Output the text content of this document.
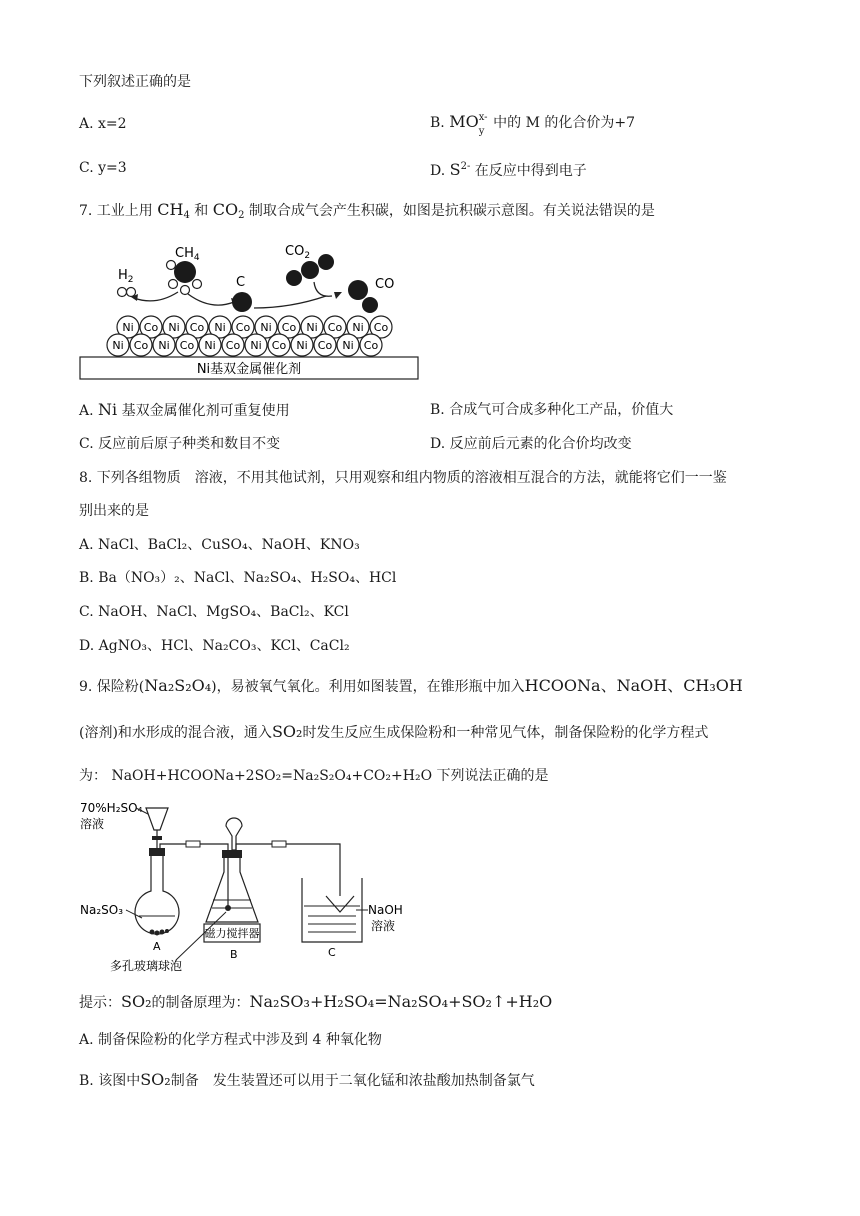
下列叙述正确的是
A. x=2	B. MO x-
y
中的 M 的化合价为+7
C. y=3	D. $S^{2-}$ 在反应中得到电子
7. 工业上用 $CH_4$ 和 $CO_2$ 制取合成气会产生积碳，如图是抗积碳示意图。有关说法错误的是
$H_2$
$CH_4$
C
$CO_2$
CO
Ni Co Ni Co Ni Co Ni Co Ni Co Ni Co
Ni Co Ni Co Ni Co Ni Co Ni Co Ni Co
Ni基双金属催化剂
A. Ni 基双金属催化剂可重复使用	B. 合成气可合成多种化工产品，价值大
C. 反应前后原子种类和数目不变	D. 反应前后元素的化合价均改变
8. 下列各组物质　溶液，不用其他试剂，只用观察和组内物质的溶液相互混合的方法，就能将它们一一鉴
别出来的是
A. NaCl、BaCl₂、CuSO₄、NaOH、KNO₃
B. Ba（NO₃）₂、NaCl、Na₂SO₄、H₂SO₄、HCl
C. NaOH、NaCl、MgSO₄、BaCl₂、KCl
D. AgNO₃、HCl、Na₂CO₃、KCl、CaCl₂
9. 保险粉(Na₂S₂O₄)，易被氧气氧化。利用如图装置，在锥形瓶中加入HCOONa、NaOH、CH₃OH
(溶剂)和水形成的混合液，通入SO₂时发生反应生成保险粉和一种常见气体，制备保险粉的化学方程式
为： NaOH+HCOONa+2SO₂=Na₂S₂O₄+CO₂+H₂O 下列说法正确的是
70%H₂SO₄
溶液
Na₂SO₃
A
磁力搅拌器
B
多孔玻璃球泡
NaOH
溶液
C
提示：SO₂的制备原理为：Na₂SO₃+H₂SO₄=Na₂SO₄+SO₂↑+H₂O
A. 制备保险粉的化学方程式中涉及到 4 种氧化物
B. 该图中SO₂制备　发生装置还可以用于二氧化锰和浓盐酸加热制备氯气
